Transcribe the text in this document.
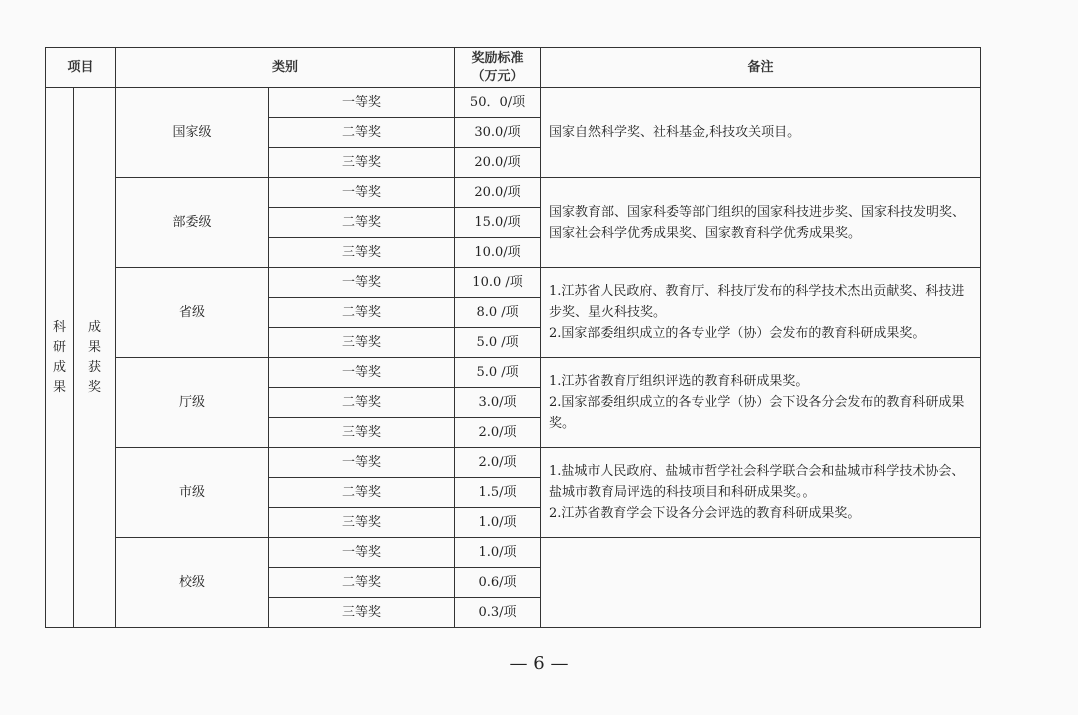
项目		类别		奖励标准
（万元）	备注
科研成果	成果获奖	国家级	一等奖	50．0/项	国家自然科学奖、社科基金,科技攻关项目。

			二等奖	30.0/项	
			三等奖	20.0/项	
		部委级	一等奖	20.0/项	国家教育部、国家科委等部门组织的国家科技进步奖、国家科技发明奖、国家社会科学优秀成果奖、国家教育科学优秀成果奖。

			二等奖	15.0/项	
			三等奖	10.0/项	
		省级	一等奖	10.0 /项	1.江苏省人民政府、教育厅、科技厅发布的科学技术杰出贡献奖、科技进步奖、星火科技奖。
2.国家部委组织成立的各专业学（协）会发布的教育科研成果奖。

			二等奖	8.0 /项	
			三等奖	5.0 /项	
		厅级	一等奖	5.0 /项	1.江苏省教育厅组织评选的教育科研成果奖。
2.国家部委组织成立的各专业学（协）会下设各分会发布的教育科研成果奖。

			二等奖	3.0/项	
			三等奖	2.0/项	
		市级	一等奖	2.0/项	1.盐城市人民政府、盐城市哲学社会科学联合会和盐城市科学技术协会、盐城市教育局评选的科技项目和科研成果奖。。
2.江苏省教育学会下设各分会评选的教育科研成果奖。

			二等奖	1.5/项	
			三等奖	1.0/项	
		校级	一等奖	1.0/项	

			二等奖	0.6/项	
			三等奖	0.3/项	
— 6 —
